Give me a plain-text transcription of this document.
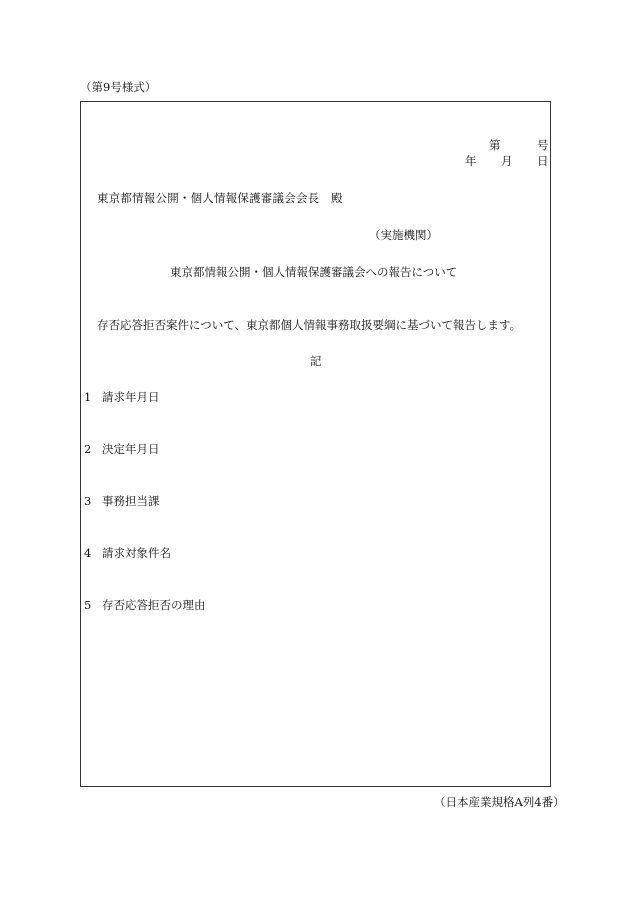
（第9号様式）
第	号
年 月 日
東京都情報公開・個人情報保護審議会会長　殿
（実施機関）
東京都情報公開・個人情報保護審議会への報告について
存否応答拒否案件について、東京都個人情報事務取扱要綱に基づいて報告します。
記
1 請求年月日
2 決定年月日
3 事務担当課
4 請求対象件名
5 存否応答拒否の理由
（日本産業規格A列4番）
